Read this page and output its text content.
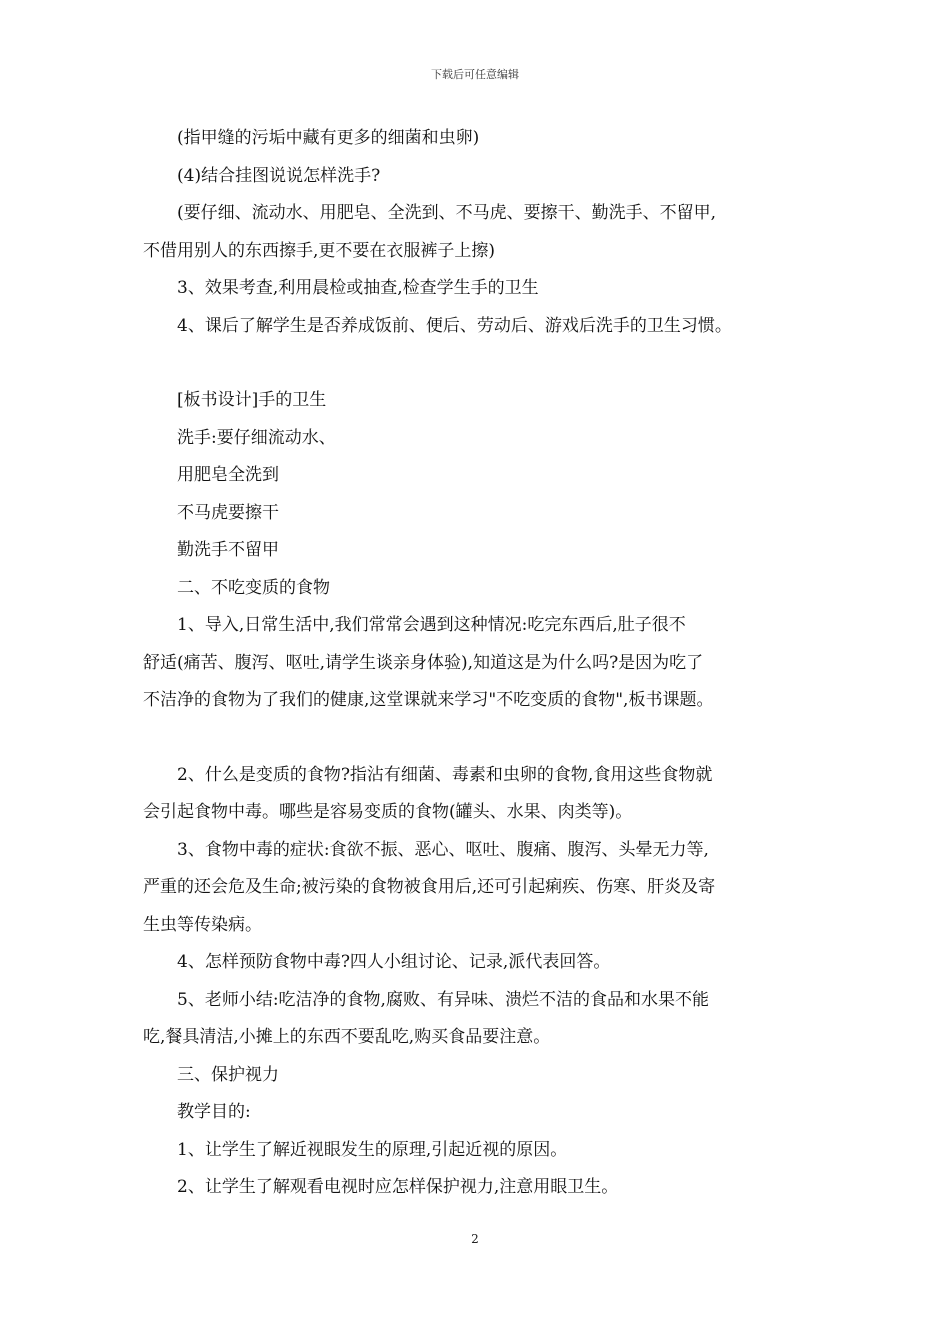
下载后可任意编辑

(指甲缝的污垢中藏有更多的细菌和虫卵)

(4)结合挂图说说怎样洗手?

(要仔细、流动水、用肥皂、全洗到、不马虎、要擦干、勤洗手、不留甲,

不借用别人的东西擦手,更不要在衣服裤子上擦)

3、效果考查,利用晨检或抽查,检查学生手的卫生

4、课后了解学生是否养成饭前、便后、劳动后、游戏后洗手的卫生习惯。

[板书设计]手的卫生

洗手:要仔细流动水、

用肥皂全洗到

不马虎要擦干

勤洗手不留甲

二、不吃变质的食物

1、导入,日常生活中,我们常常会遇到这种情况:吃完东西后,肚子很不

舒适(痛苦、腹泻、呕吐,请学生谈亲身体验),知道这是为什么吗?是因为吃了

不洁净的食物为了我们的健康,这堂课就来学习"不吃变质的食物",板书课题。

2、什么是变质的食物?指沾有细菌、毒素和虫卵的食物,食用这些食物就

会引起食物中毒。哪些是容易变质的食物(罐头、水果、肉类等)。

3、食物中毒的症状:食欲不振、恶心、呕吐、腹痛、腹泻、头晕无力等,

严重的还会危及生命;被污染的食物被食用后,还可引起痢疾、伤寒、肝炎及寄

生虫等传染病。

4、怎样预防食物中毒?四人小组讨论、记录,派代表回答。

5、老师小结:吃洁净的食物,腐败、有异味、溃烂不洁的食品和水果不能

吃,餐具清洁,小摊上的东西不要乱吃,购买食品要注意。

三、保护视力

教学目的:

1、让学生了解近视眼发生的原理,引起近视的原因。

2、让学生了解观看电视时应怎样保护视力,注意用眼卫生。

2
